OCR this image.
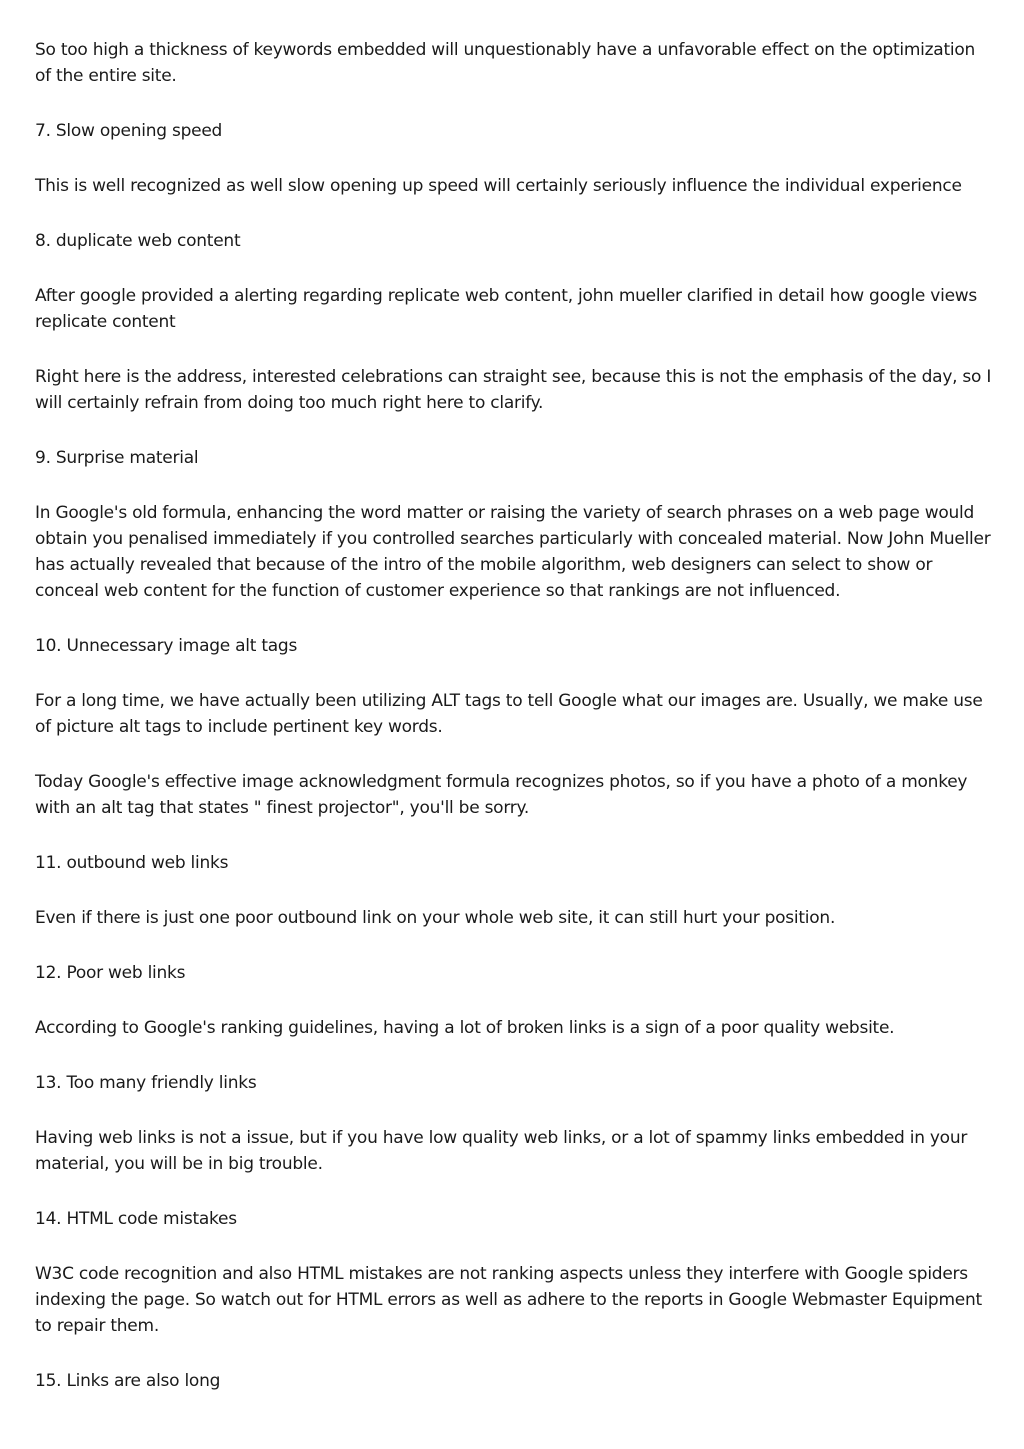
So too high a thickness of keywords embedded will unquestionably have a unfavorable effect on the optimization of the entire site.

7. Slow opening speed

This is well recognized as well slow opening up speed will certainly seriously influence the individual experience

8. duplicate web content

After google provided a alerting regarding replicate web content, john mueller clarified in detail how google views replicate content

Right here is the address, interested celebrations can straight see, because this is not the emphasis of the day, so I will certainly refrain from doing too much right here to clarify.

9. Surprise material

In Google's old formula, enhancing the word matter or raising the variety of search phrases on a web page would obtain you penalised immediately if you controlled searches particularly with concealed material. Now John Mueller has actually revealed that because of the intro of the mobile algorithm, web designers can select to show or conceal web content for the function of customer experience so that rankings are not influenced.

10. Unnecessary image alt tags

For a long time, we have actually been utilizing ALT tags to tell Google what our images are. Usually, we make use of picture alt tags to include pertinent key words.

Today Google's effective image acknowledgment formula recognizes photos, so if you have a photo of a monkey with an alt tag that states " finest projector", you'll be sorry.

11. outbound web links

Even if there is just one poor outbound link on your whole web site, it can still hurt your position.

12. Poor web links

According to Google's ranking guidelines, having a lot of broken links is a sign of a poor quality website.

13. Too many friendly links

Having web links is not a issue, but if you have low quality web links, or a lot of spammy links embedded in your material, you will be in big trouble.

14. HTML code mistakes

W3C code recognition and also HTML mistakes are not ranking aspects unless they interfere with Google spiders indexing the page. So watch out for HTML errors as well as adhere to the reports in Google Webmaster Equipment to repair them.

15. Links are also long
